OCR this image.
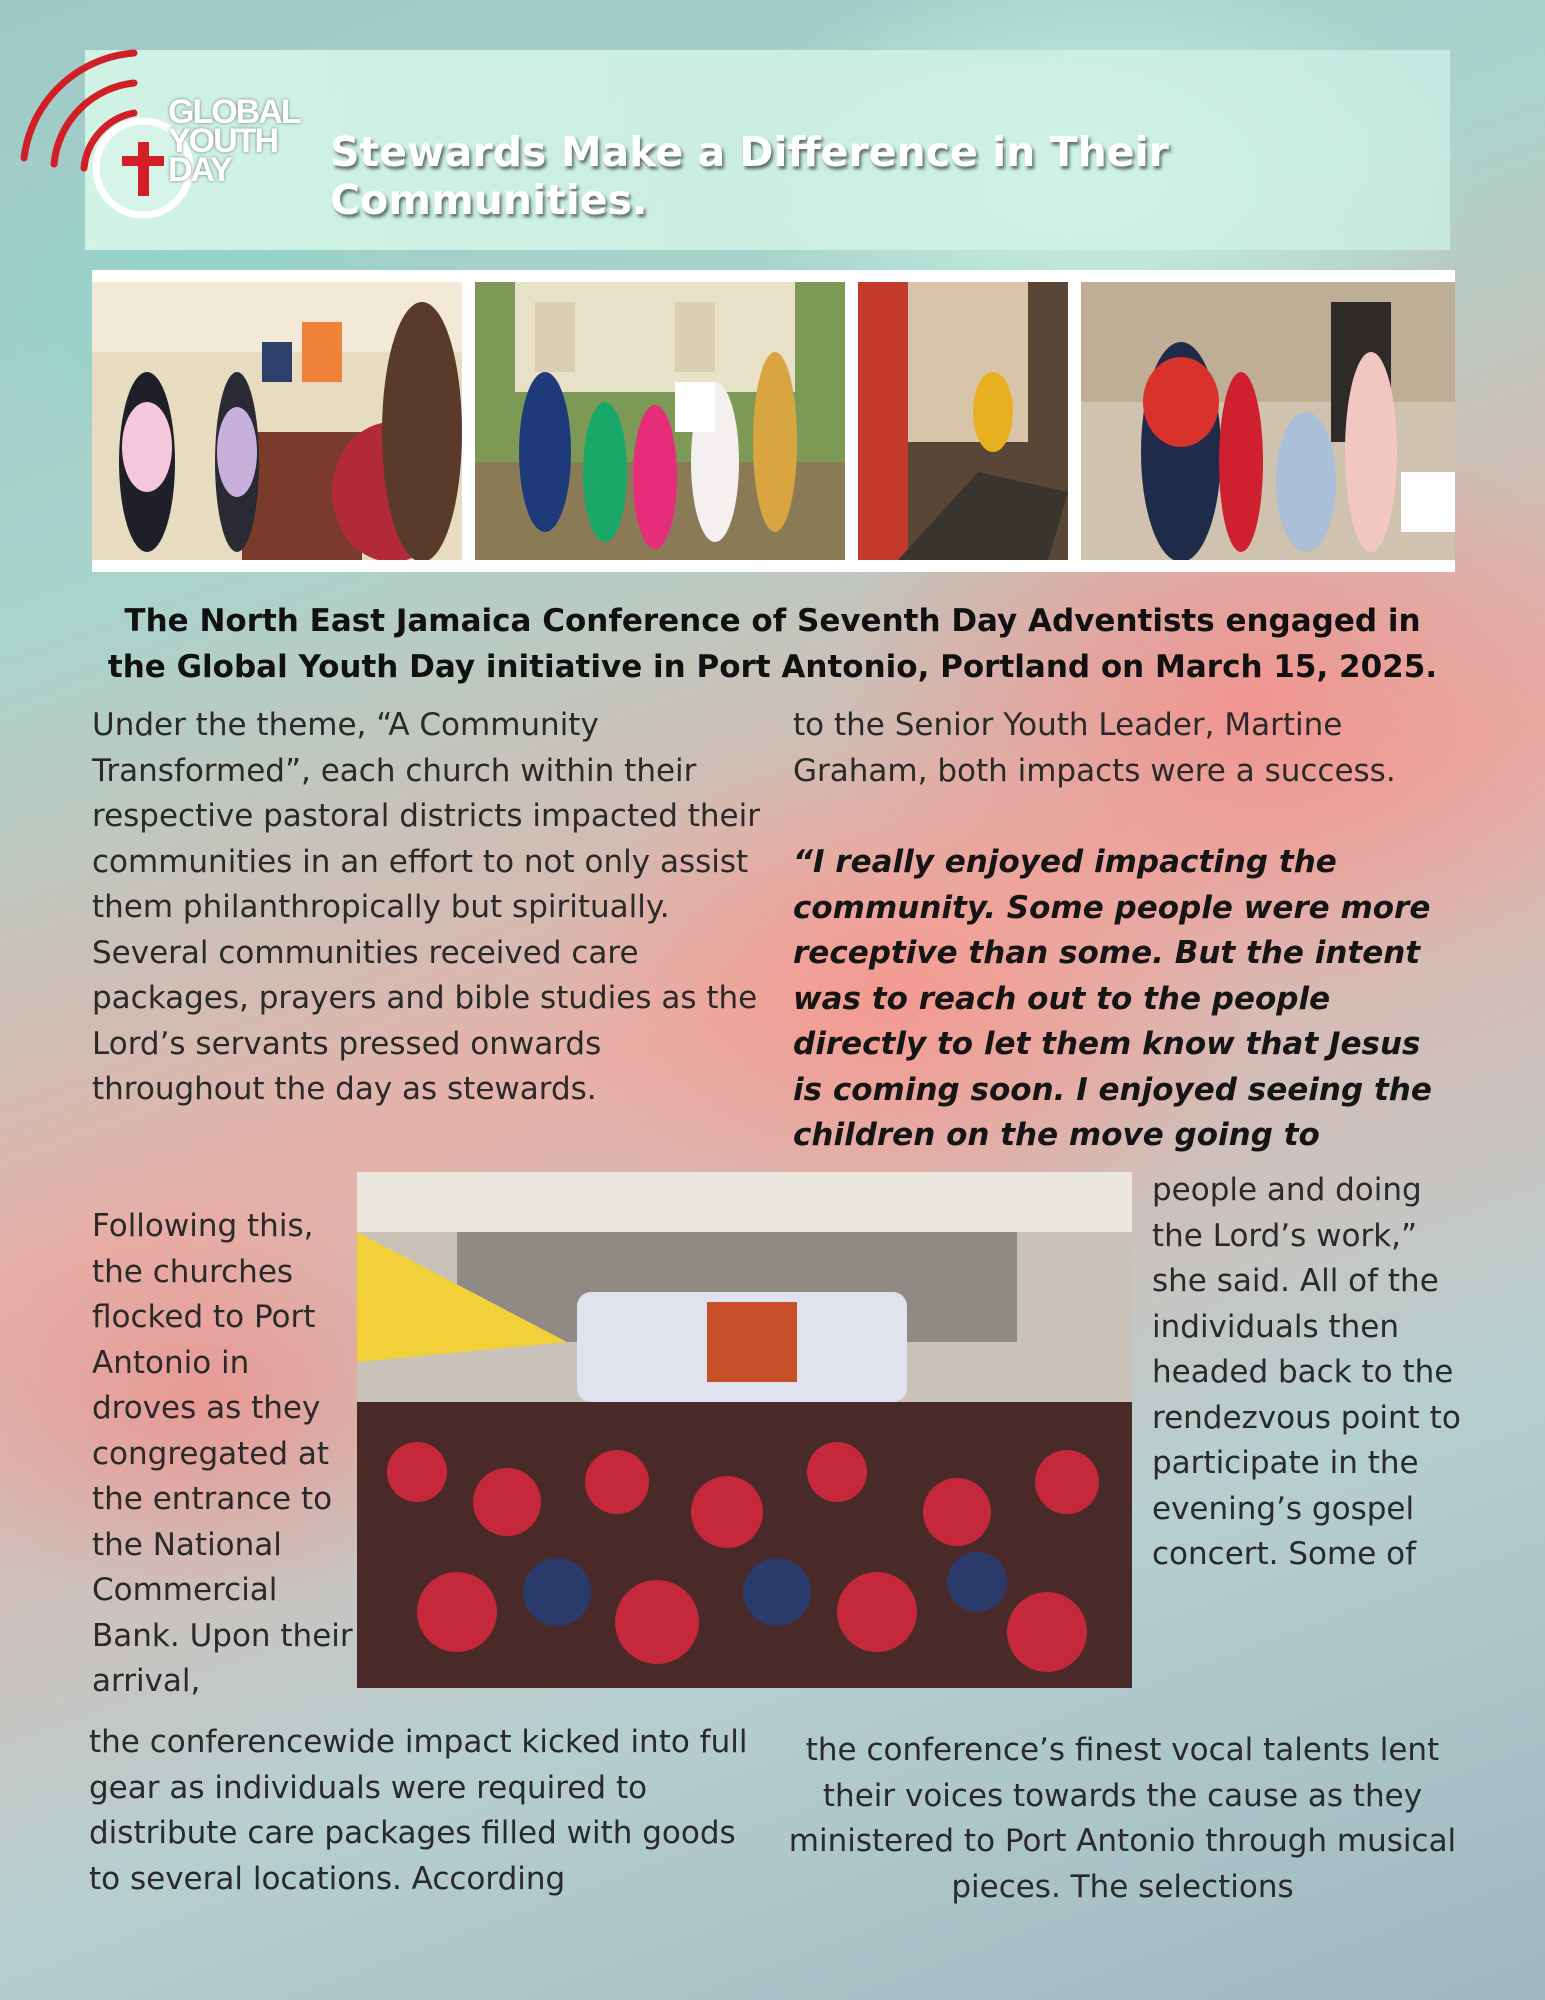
GLOBAL
YOUTH
DAY	Stewards Make a Difference in Their Communities.

The North East Jamaica Conference of Seventh Day Adventists engaged in the Global Youth Day initiative in Port Antonio, Portland on March 15, 2025.

Under the theme, “A Community Transformed”, each church within their respective pastoral districts impacted their communities in an effort to not only assist them philanthropically but spiritually. Several communities received care packages, prayers and bible studies as the Lord’s servants pressed onwards throughout the day as stewards.

Following this, the churches flocked to Port Antonio in droves as they congregated at the entrance to the National Commercial Bank. Upon their arrival,

the conferencewide impact kicked into full gear as individuals were required to distribute care packages filled with goods to several locations. According

to the Senior Youth Leader, Martine Graham, both impacts were a success.

“I really enjoyed impacting the community. Some people were more receptive than some. But the intent was to reach out to the people directly to let them know that Jesus is coming soon. I enjoyed seeing the children on the move going to

people and doing the Lord’s work,” she said. All of the individuals then headed back to the rendezvous point to participate in the evening’s gospel concert. Some of

the conference’s finest vocal talents lent their voices towards the cause as they ministered to Port Antonio through musical pieces. The selections
